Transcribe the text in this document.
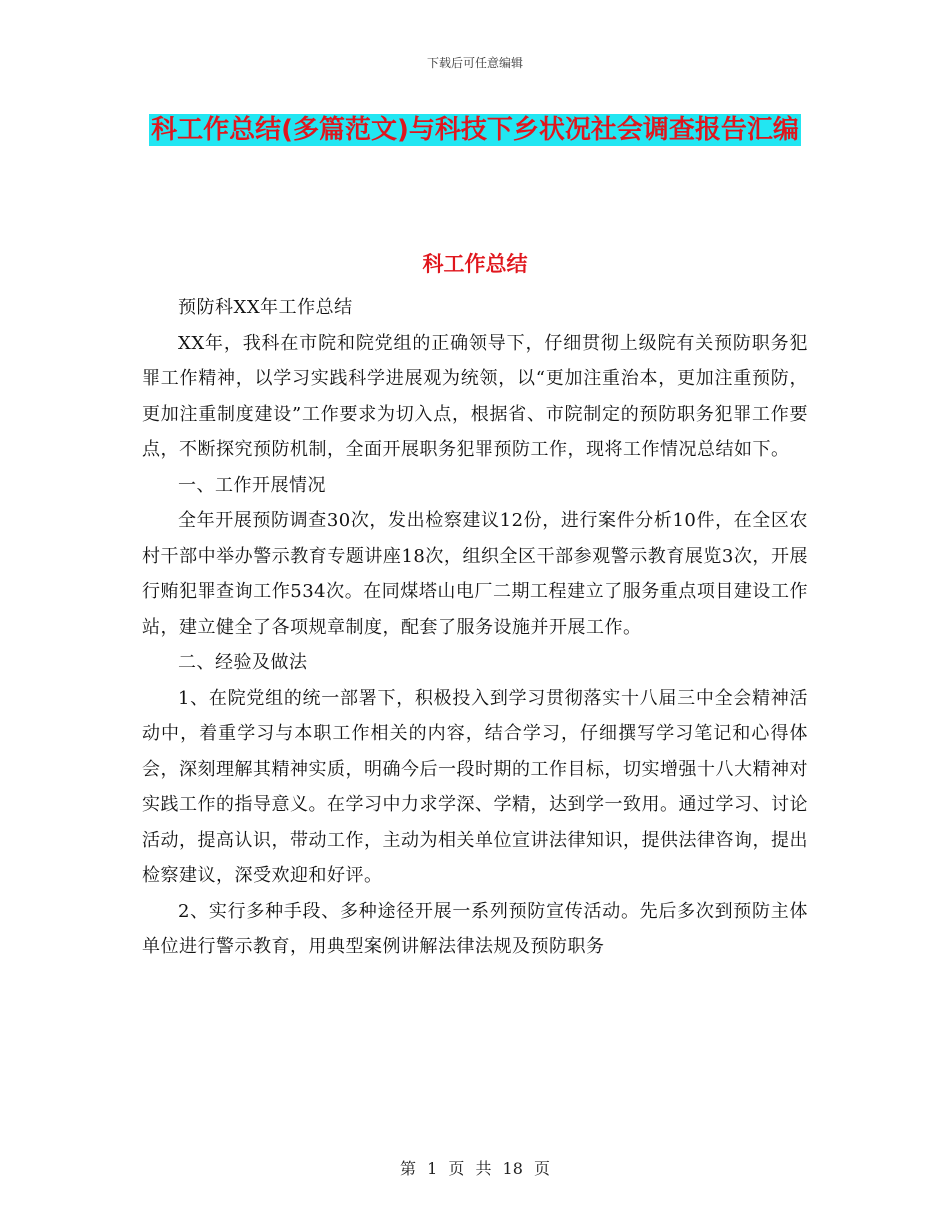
下载后可任意编辑
科工作总结(多篇范文)与科技下乡状况社会调查报告汇编
科工作总结

预防科XX年工作总结

XX年，我科在市院和院党组的正确领导下，仔细贯彻上级院有关预防职务犯罪工作精神，以学习实践科学进展观为统领，以“更加注重治本，更加注重预防，更加注重制度建设”工作要求为切入点，根据省、市院制定的预防职务犯罪工作要点，不断探究预防机制，全面开展职务犯罪预防工作，现将工作情况总结如下。

一、工作开展情况

全年开展预防调查30次，发出检察建议12份，进行案件分析10件，在全区农村干部中举办警示教育专题讲座18次，组织全区干部参观警示教育展览3次，开展行贿犯罪查询工作534次。在同煤塔山电厂二期工程建立了服务重点项目建设工作站，建立健全了各项规章制度，配套了服务设施并开展工作。

二、经验及做法

1、在院党组的统一部署下，积极投入到学习贯彻落实十八届三中全会精神活动中，着重学习与本职工作相关的内容，结合学习，仔细撰写学习笔记和心得体会，深刻理解其精神实质，明确今后一段时期的工作目标，切实增强十八大精神对实践工作的指导意义。在学习中力求学深、学精，达到学一致用。通过学习、讨论活动，提高认识，带动工作，主动为相关单位宣讲法律知识，提供法律咨询，提出检察建议，深受欢迎和好评。

2、实行多种手段、多种途径开展一系列预防宣传活动。先后多次到预防主体单位进行警示教育，用典型案例讲解法律法规及预防职务

第 1 页 共 18 页
